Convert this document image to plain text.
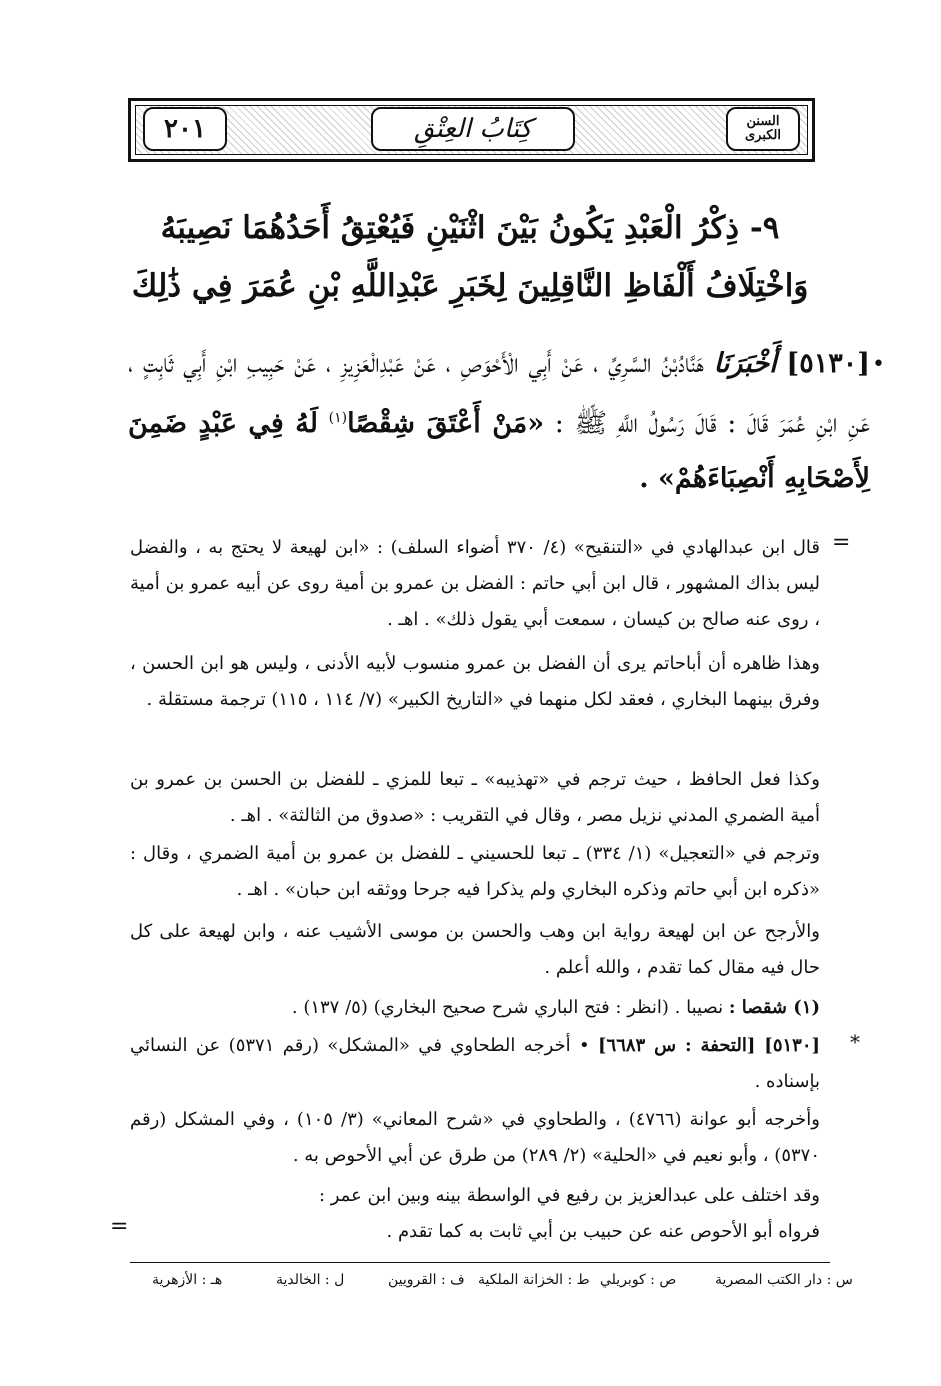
٢٠١	كِتَابُ العِتْقِ	السنن الكبرى
٩- ذِكْرُ الْعَبْدِ يَكُونُ بَيْنَ اثْنَيْنِ فَيُعْتِقُ أَحَدُهُمَا نَصِيبَهُ
وَاخْتِلَافُ أَلْفَاظِ النَّاقِلِينَ لِخَبَرِ عَبْدِاللَّهِ بْنِ عُمَرَ فِي ذَٰلِكَ
•
[٥١٣٠] أَخْبَرَنَا هَنَّادُبْنُ السَّرِيِّ ، عَنْ أَبِي الْأَحْوَصِ ، عَنْ عَبْدِالْعَزِيزِ ، عَنْ حَبِيبِ ابْنِ أَبِي ثَابِتٍ ، عَنِ ابْنِ عُمَرَ قَالَ : قَالَ رَسُولُ اللَّهِ ﷺ : «مَنْ أَعْتَقَ شِقْصًا$^{(١)}$ لَهُ فِي عَبْدٍ ضَمِنَ لِأَصْحَابِهِ أَنْصِبَاءَهُمْ» .
=
قال ابن عبدالهادي في «التنقيح» (٤/ ٣٧٠ أضواء السلف) : «ابن لهيعة لا يحتج به ، والفضل ليس بذاك المشهور ، قال ابن أبي حاتم : الفضل بن عمرو بن أمية روى عن أبيه عمرو بن أمية ، روى عنه صالح بن كيسان ، سمعت أبي يقول ذلك» . اهـ .
وهذا ظاهره أن أباحاتم يرى أن الفضل بن عمرو منسوب لأبيه الأدنى ، وليس هو ابن الحسن ، وفرق بينهما البخاري ، فعقد لكل منهما في «التاريخ الكبير» (٧/ ١١٤ ، ١١٥) ترجمة مستقلة .
وكذا فعل الحافظ ، حيث ترجم في «تهذيبه» ـ تبعا للمزي ـ للفضل بن الحسن بن عمرو بن أمية الضمري المدني نزيل مصر ، وقال في التقريب : «صدوق من الثالثة» . اهـ .
وترجم في «التعجيل» (١/ ٣٣٤) ـ تبعا للحسيني ـ للفضل بن عمرو بن أمية الضمري ، وقال : «ذكره ابن أبي حاتم وذكره البخاري ولم يذكرا فيه جرحا ووثقه ابن حبان» . اهـ .
والأرجح عن ابن لهيعة رواية ابن وهب والحسن بن موسى الأشيب عنه ، وابن لهيعة على كل حال فيه مقال كما تقدم ، والله أعلم .
(١) شقصا : نصيبا . (انظر : فتح الباري شرح صحيح البخاري) (٥/ ١٣٧) .
*
[٥١٣٠] [التحفة : س ٦٦٨٣] • أخرجه الطحاوي في «المشكل» (رقم ٥٣٧١) عن النسائي بإسناده .
وأخرجه أبو عوانة (٤٧٦٦) ، والطحاوي في «شرح المعاني» (٣/ ١٠٥) ، وفي المشكل (رقم ٥٣٧٠) ، وأبو نعيم في «الحلية» (٢/ ٢٨٩) من طرق عن أبي الأحوص به .
وقد اختلف على عبدالعزيز بن رفيع في الواسطة بينه وبين ابن عمر :
فرواه أبو الأحوص عنه عن حبيب بن أبي ثابت به كما تقدم .
=
س : دار الكتب المصرية
ص : كوبريلي
ط : الخزانة الملكية
ف : القرويين
ل : الخالدية
هـ : الأزهرية
